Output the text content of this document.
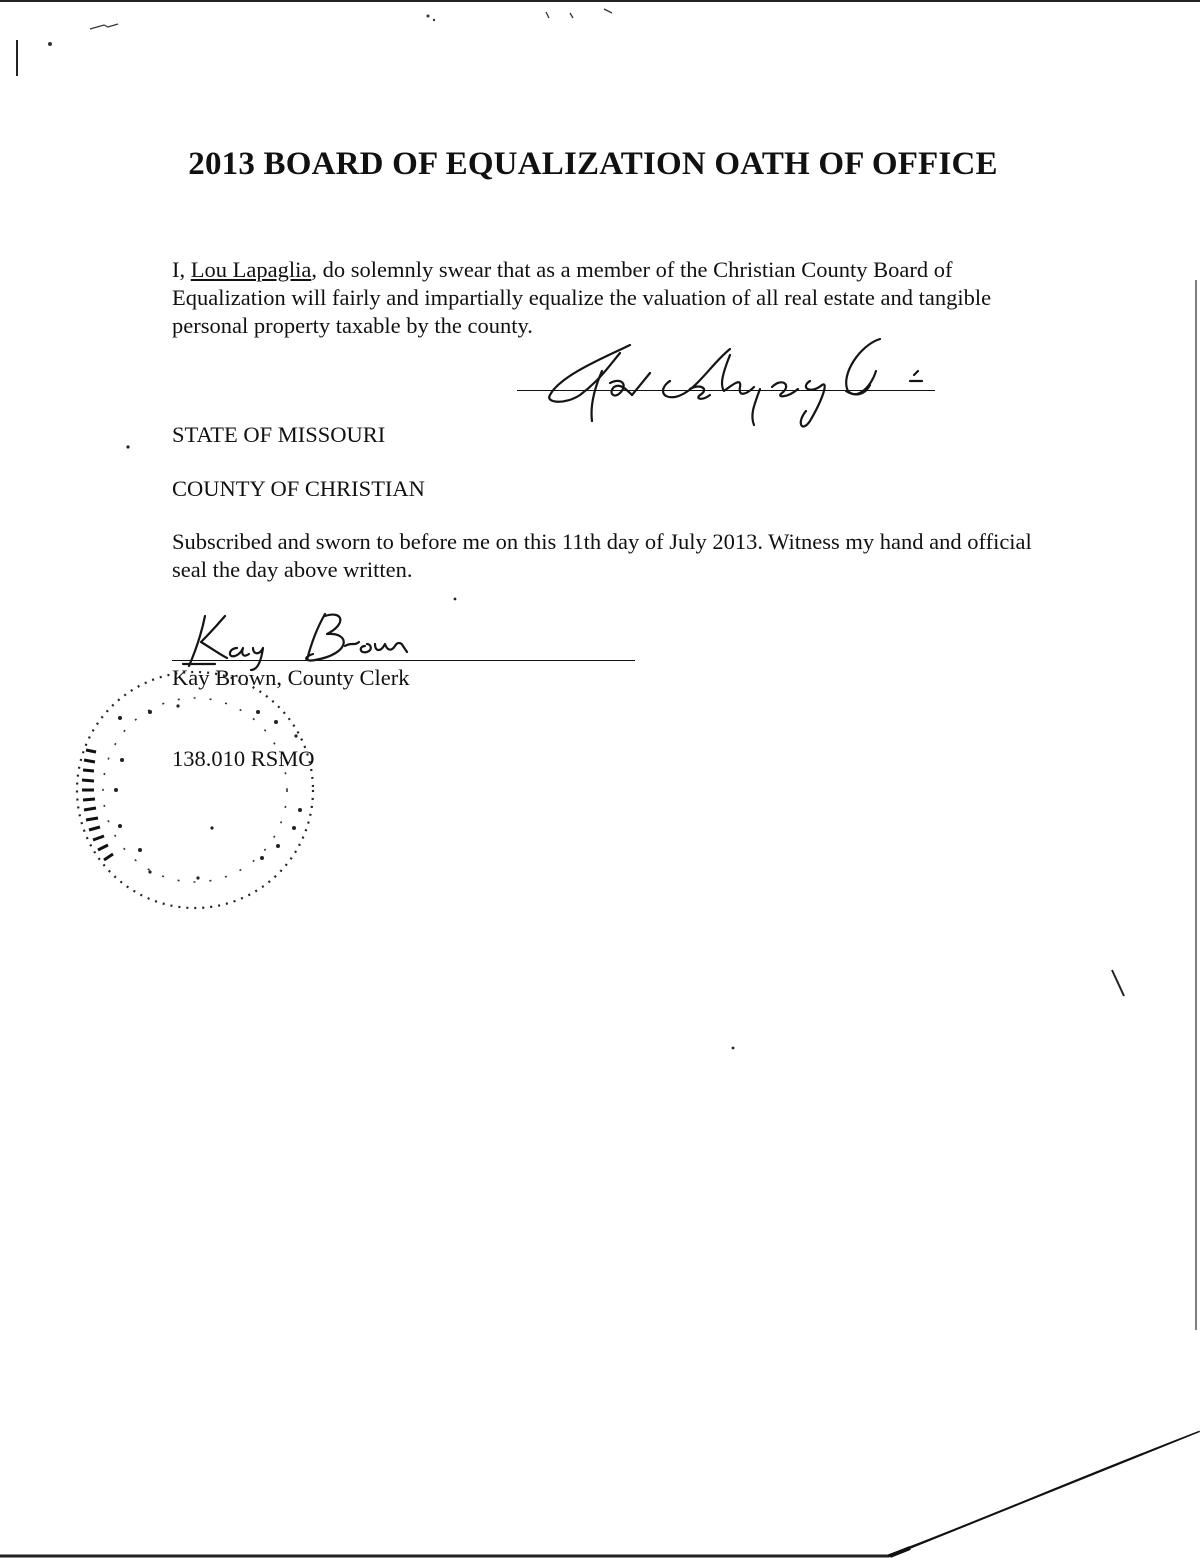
2013 BOARD OF EQUALIZATION OATH OF OFFICE
I, Lou Lapaglia, do solemnly swear that as a member of the Christian County Board of Equalization will fairly and impartially equalize the valuation of all real estate and tangible personal property taxable by the county.
STATE OF MISSOURI
COUNTY OF CHRISTIAN
Subscribed and sworn to before me on this 11th day of July 2013. Witness my hand and official seal the day above written.
Kay Brown, County Clerk
138.010 RSMO
